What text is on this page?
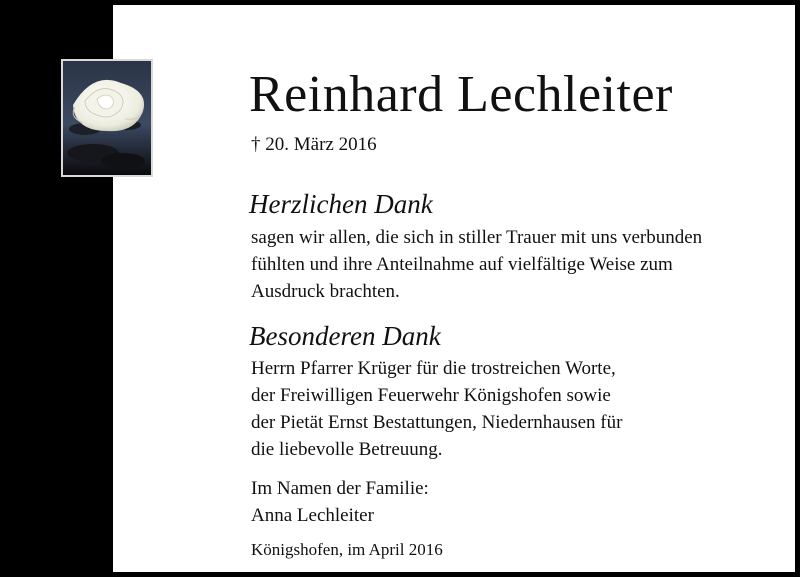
Reinhard Lechleiter
† 20. März 2016
Herzlichen Dank

sagen wir allen, die sich in stiller Trauer mit uns verbunden
fühlten und ihre Anteilnahme auf vielfältige Weise zum
Ausdruck brachten.

Besonderen Dank

Herrn Pfarrer Krüger für die trostreichen Worte,
der Freiwilligen Feuerwehr Königshofen sowie
der Pietät Ernst Bestattungen, Niedernhausen für
die liebevolle Betreuung.

Im Namen der Familie:
Anna Lechleiter
Königshofen, im April 2016
